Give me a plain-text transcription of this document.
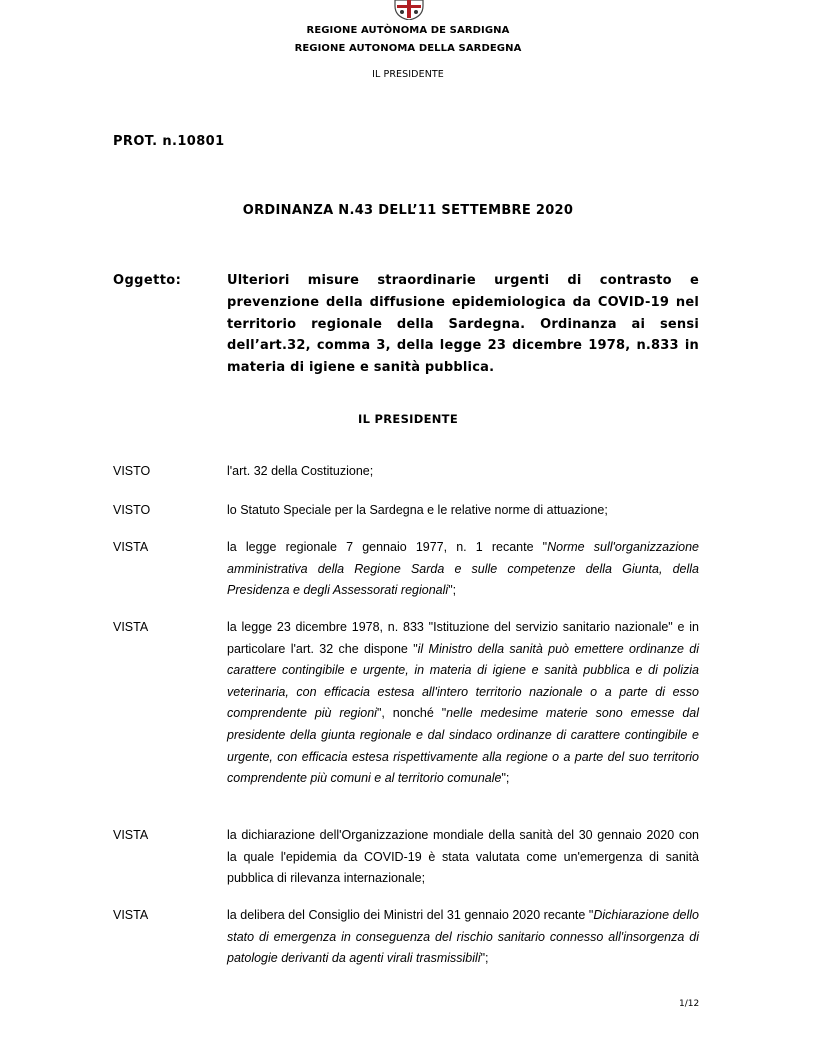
REGIONE AUTÒNOMA DE SARDIGNA
REGIONE AUTONOMA DELLA SARDEGNA
IL PRESIDENTE
PROT. n.10801
ORDINANZA N.43 DELL’11 SETTEMBRE 2020
Oggetto:	Ulteriori misure straordinarie urgenti di contrasto e prevenzione della diffusione epidemiologica da COVID-19 nel territorio regionale della Sardegna. Ordinanza ai sensi dell’art.32, comma 3, della legge 23 dicembre 1978, n.833 in materia di igiene e sanità pubblica.
IL PRESIDENTE
VISTO	l'art. 32 della Costituzione;
VISTO	lo Statuto Speciale per la Sardegna e le relative norme di attuazione;
VISTA	la legge regionale 7 gennaio 1977, n. 1 recante "Norme sull'organizzazione amministrativa della Regione Sarda e sulle competenze della Giunta, della Presidenza e degli Assessorati regionali";
VISTA	la legge 23 dicembre 1978, n. 833 "Istituzione del servizio sanitario nazionale" e in particolare l'art. 32 che dispone "il Ministro della sanità può emettere ordinanze di carattere contingibile e urgente, in materia di igiene e sanità pubblica e di polizia veterinaria, con efficacia estesa all'intero territorio nazionale o a parte di esso comprendente più regioni", nonché "nelle medesime materie sono emesse dal presidente della giunta regionale e dal sindaco ordinanze di carattere contingibile e urgente, con efficacia estesa rispettivamente alla regione o a parte del suo territorio comprendente più comuni e al territorio comunale";
VISTA	la dichiarazione dell'Organizzazione mondiale della sanità del 30 gennaio 2020 con la quale l'epidemia da COVID-19 è stata valutata come un'emergenza di sanità pubblica di rilevanza internazionale;
VISTA	la delibera del Consiglio dei Ministri del 31 gennaio 2020 recante "Dichiarazione dello stato di emergenza in conseguenza del rischio sanitario connesso all'insorgenza di patologie derivanti da agenti virali trasmissibili";
1/12
